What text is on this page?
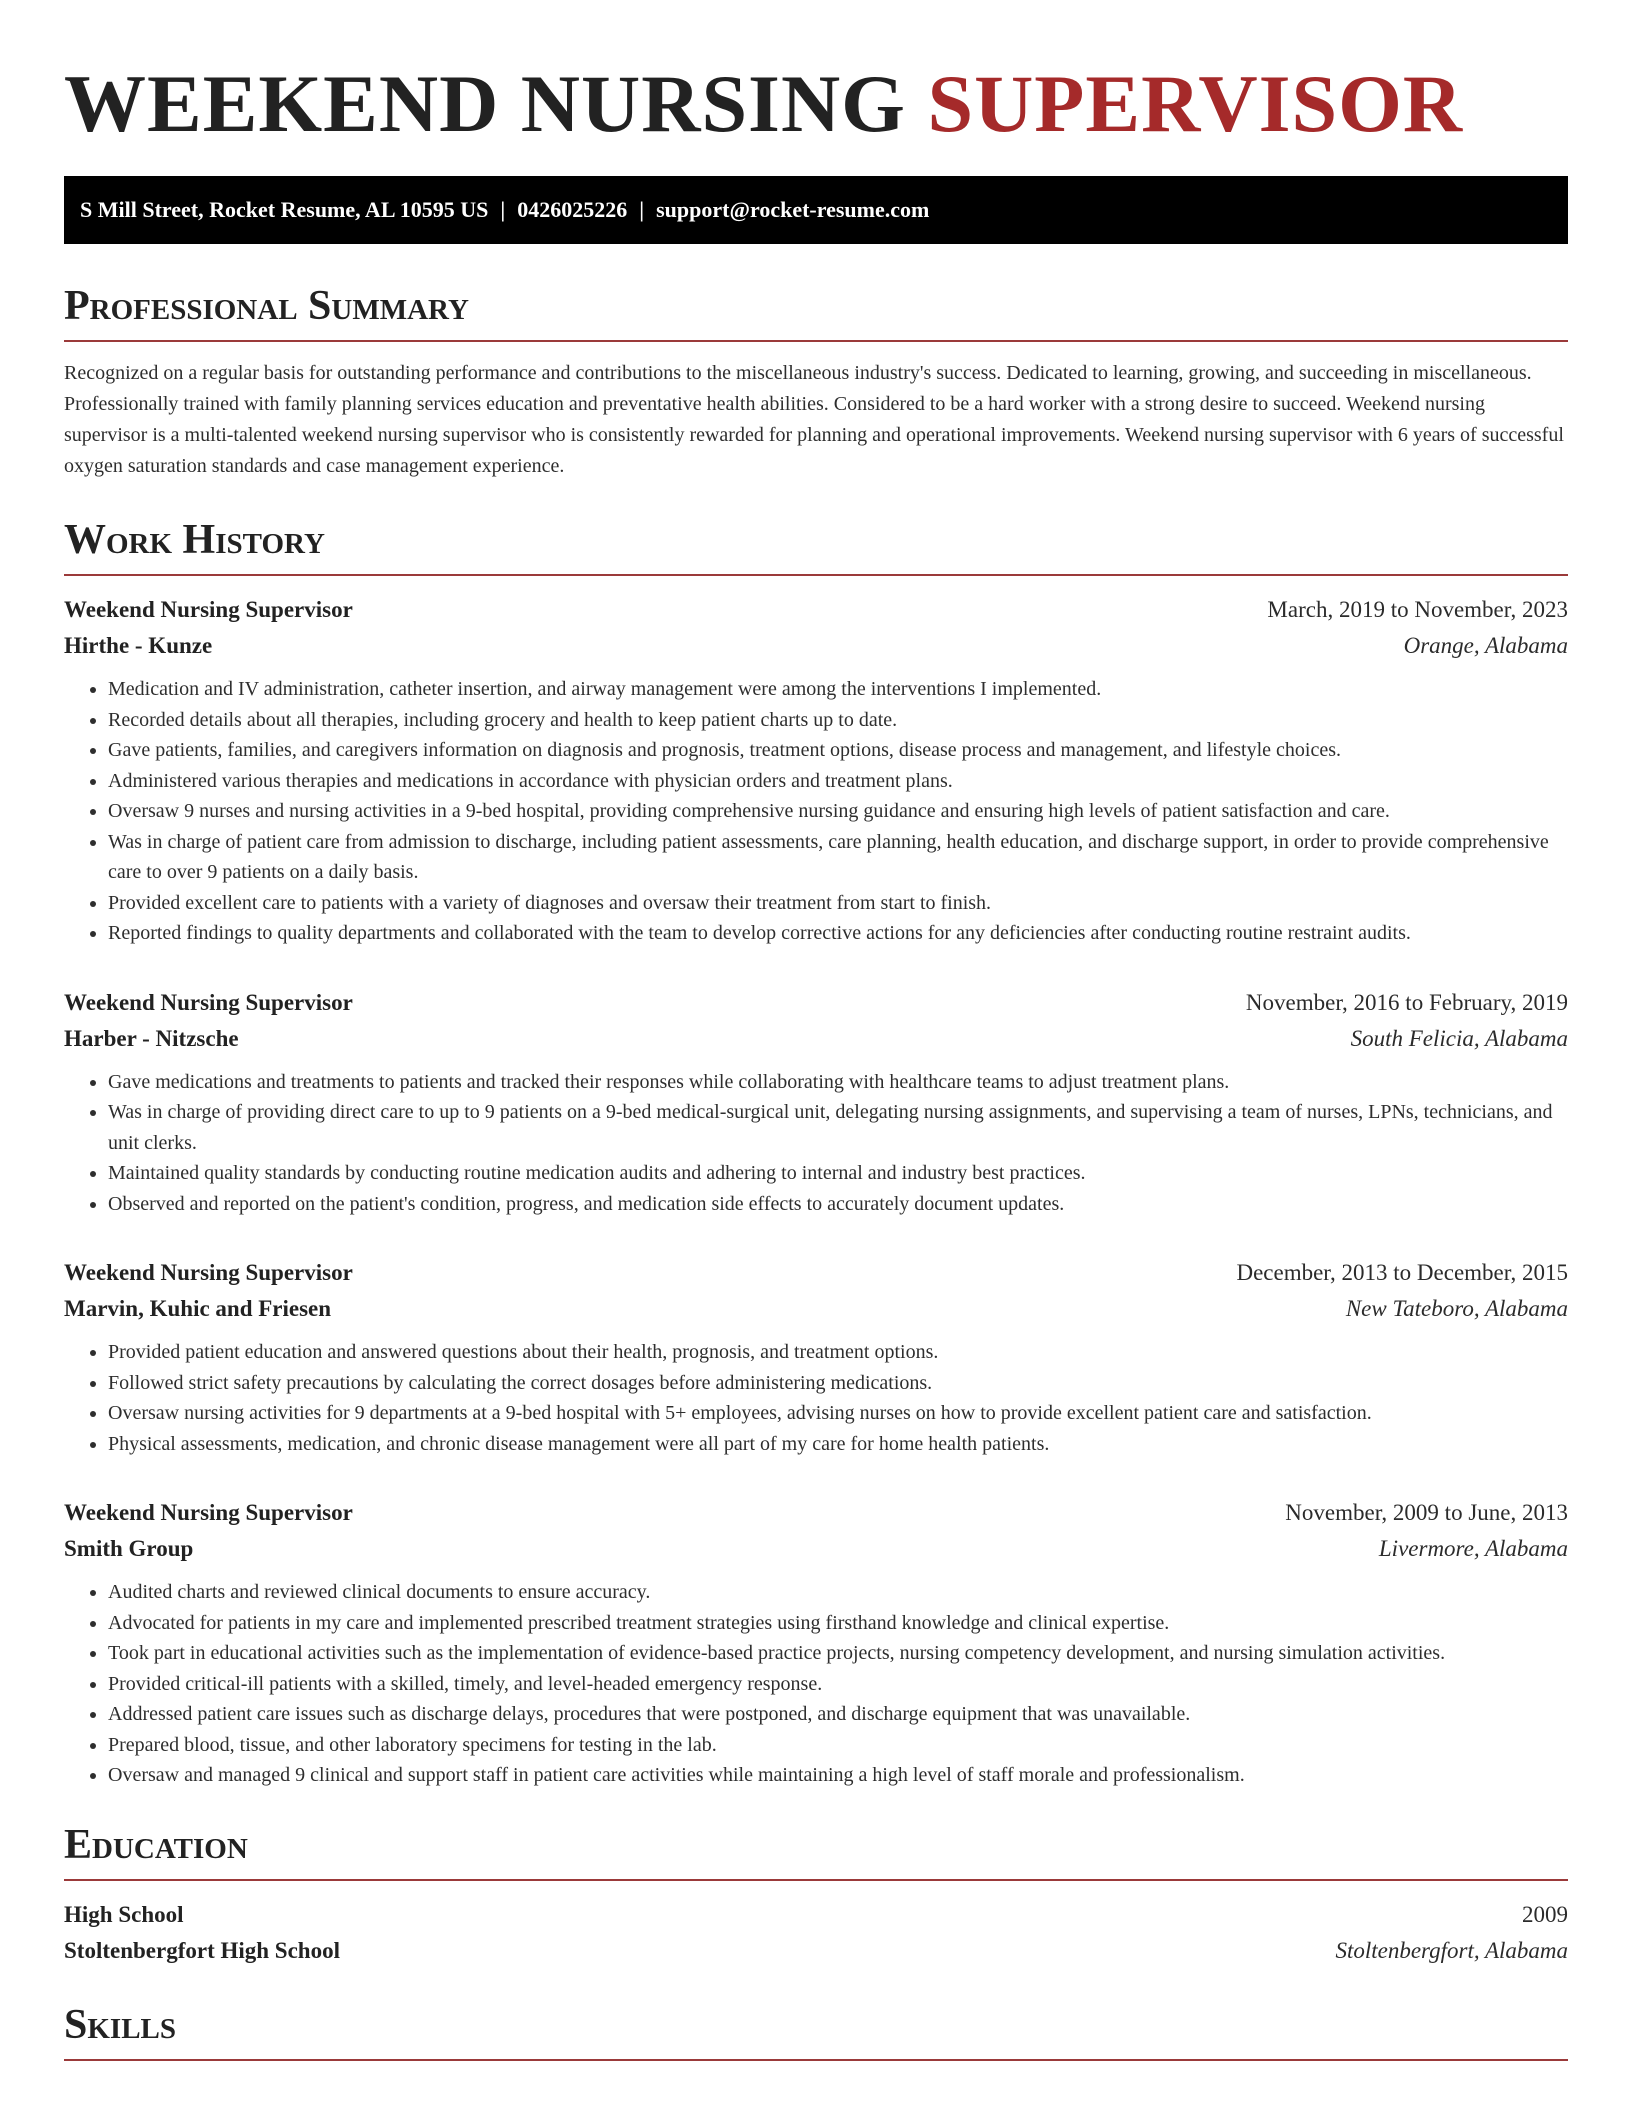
WEEKEND NURSING SUPERVISOR
S Mill Street, Rocket Resume, AL 10595 US | 0426025226 | support@rocket-resume.com
Professional Summary

Recognized on a regular basis for outstanding performance and contributions to the miscellaneous industry's success. Dedicated to learning, growing, and succeeding in miscellaneous. Professionally trained with family planning services education and preventative health abilities. Considered to be a hard worker with a strong desire to succeed. Weekend nursing supervisor is a multi-talented weekend nursing supervisor who is consistently rewarded for planning and operational improvements. Weekend nursing supervisor with 6 years of successful oxygen saturation standards and case management experience.

Work History
Weekend Nursing Supervisor	March, 2019 to November, 2023
Hirthe - Kunze	Orange, Alabama
• Medication and IV administration, catheter insertion, and airway management were among the interventions I implemented.
• Recorded details about all therapies, including grocery and health to keep patient charts up to date.
• Gave patients, families, and caregivers information on diagnosis and prognosis, treatment options, disease process and management, and lifestyle choices.
• Administered various therapies and medications in accordance with physician orders and treatment plans.
• Oversaw 9 nurses and nursing activities in a 9-bed hospital, providing comprehensive nursing guidance and ensuring high levels of patient satisfaction and care.
• Was in charge of patient care from admission to discharge, including patient assessments, care planning, health education, and discharge support, in order to provide comprehensive care to over 9 patients on a daily basis.
• Provided excellent care to patients with a variety of diagnoses and oversaw their treatment from start to finish.
• Reported findings to quality departments and collaborated with the team to develop corrective actions for any deficiencies after conducting routine restraint audits.
Weekend Nursing Supervisor	November, 2016 to February, 2019
Harber - Nitzsche	South Felicia, Alabama
• Gave medications and treatments to patients and tracked their responses while collaborating with healthcare teams to adjust treatment plans.
• Was in charge of providing direct care to up to 9 patients on a 9-bed medical-surgical unit, delegating nursing assignments, and supervising a team of nurses, LPNs, technicians, and unit clerks.
• Maintained quality standards by conducting routine medication audits and adhering to internal and industry best practices.
• Observed and reported on the patient's condition, progress, and medication side effects to accurately document updates.
Weekend Nursing Supervisor	December, 2013 to December, 2015
Marvin, Kuhic and Friesen	New Tateboro, Alabama
• Provided patient education and answered questions about their health, prognosis, and treatment options.
• Followed strict safety precautions by calculating the correct dosages before administering medications.
• Oversaw nursing activities for 9 departments at a 9-bed hospital with 5+ employees, advising nurses on how to provide excellent patient care and satisfaction.
• Physical assessments, medication, and chronic disease management were all part of my care for home health patients.
Weekend Nursing Supervisor	November, 2009 to June, 2013
Smith Group	Livermore, Alabama
• Audited charts and reviewed clinical documents to ensure accuracy.
• Advocated for patients in my care and implemented prescribed treatment strategies using firsthand knowledge and clinical expertise.
• Took part in educational activities such as the implementation of evidence-based practice projects, nursing competency development, and nursing simulation activities.
• Provided critical-ill patients with a skilled, timely, and level-headed emergency response.
• Addressed patient care issues such as discharge delays, procedures that were postponed, and discharge equipment that was unavailable.
• Prepared blood, tissue, and other laboratory specimens for testing in the lab.
• Oversaw and managed 9 clinical and support staff in patient care activities while maintaining a high level of staff morale and professionalism.
Education
High School	2009
Stoltenbergfort High School	Stoltenbergfort, Alabama
Skills
